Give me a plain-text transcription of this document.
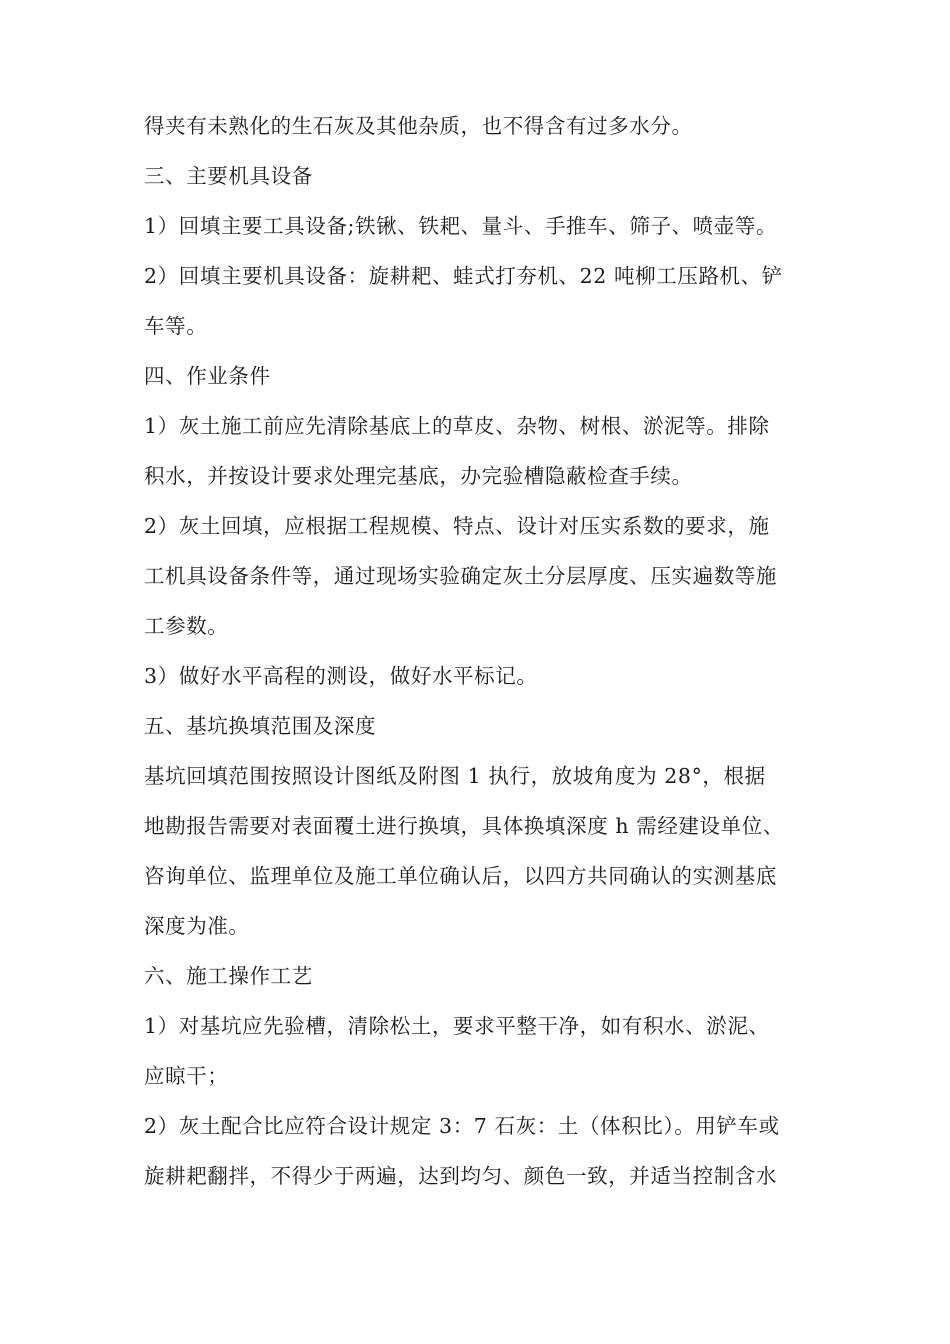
得夹有未熟化的生石灰及其他杂质，也不得含有过多水分。
三、主要机具设备
1）回填主要工具设备;铁锹、铁耙、量斗、手推车、筛子、喷壶等。
2）回填主要机具设备：旋耕耙、蛙式打夯机、22 吨柳工压路机、铲
车等。
四、作业条件
1）灰土施工前应先清除基底上的草皮、杂物、树根、淤泥等。排除
积水，并按设计要求处理完基底，办完验槽隐蔽检查手续。
2）灰土回填，应根据工程规模、特点、设计对压实系数的要求，施
工机具设备条件等，通过现场实验确定灰土分层厚度、压实遍数等施
工参数。
3）做好水平高程的测设，做好水平标记。
五、基坑换填范围及深度
基坑回填范围按照设计图纸及附图 1 执行，放坡角度为 28°，根据
地勘报告需要对表面覆土进行换填，具体换填深度 h 需经建设单位、
咨询单位、监理单位及施工单位确认后，以四方共同确认的实测基底
深度为准。
六、施工操作工艺
1）对基坑应先验槽，清除松土，要求平整干净，如有积水、淤泥、
应晾干；
2）灰土配合比应符合设计规定 3：7 石灰：土（体积比）。用铲车或
旋耕耙翻拌，不得少于两遍，达到均匀、颜色一致，并适当控制含水
